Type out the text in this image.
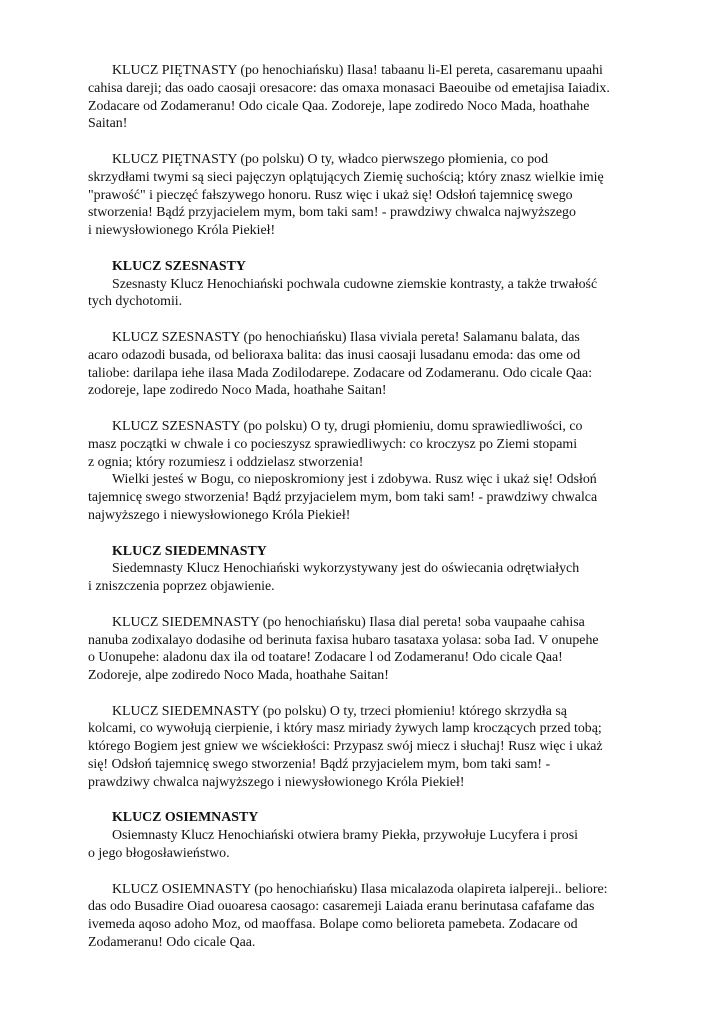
KLUCZ PIĘTNASTY (po henochiańsku) Ilasa! tabaanu li-El pereta, casaremanu upaahi
cahisa dareji; das oado caosaji oresacore: das omaxa monasaci Baeouibe od emetajisa Iaiadix.
Zodacare od Zodameranu! Odo cicale Qaa. Zodoreje, lape zodiredo Noco Mada, hoathahe
Saitan!
KLUCZ PIĘTNASTY (po polsku) O ty, władco pierwszego płomienia, co pod
skrzydłami twymi są sieci pajęczyn oplątujących Ziemię suchością; który znasz wielkie imię
"prawość" i pieczęć fałszywego honoru. Rusz więc i ukaż się! Odsłoń tajemnicę swego
stworzenia! Bądź przyjacielem mym, bom taki sam! - prawdziwy chwalca najwyższego
i niewysłowionego Króla Piekieł!
KLUCZ SZESNASTY
Szesnasty Klucz Henochiański pochwala cudowne ziemskie kontrasty, a także trwałość
tych dychotomii.
KLUCZ SZESNASTY (po henochiańsku) Ilasa viviala pereta! Salamanu balata, das
acaro odazodi busada, od belioraxa balita: das inusi caosaji lusadanu emoda: das ome od
taliobe: darilapa iehe ilasa Mada Zodilodarepe. Zodacare od Zodameranu. Odo cicale Qaa:
zodoreje, lape zodiredo Noco Mada, hoathahe Saitan!
KLUCZ SZESNASTY (po polsku) O ty, drugi płomieniu, domu sprawiedliwości, co
masz początki w chwale i co pocieszysz sprawiedliwych: co kroczysz po Ziemi stopami
z ognia; który rozumiesz i oddzielasz stworzenia!
Wielki jesteś w Bogu, co nieposkromiony jest i zdobywa. Rusz więc i ukaż się! Odsłoń
tajemnicę swego stworzenia! Bądź przyjacielem mym, bom taki sam! - prawdziwy chwalca
najwyższego i niewysłowionego Króla Piekieł!
KLUCZ SIEDEMNASTY
Siedemnasty Klucz Henochiański wykorzystywany jest do oświecania odrętwiałych
i zniszczenia poprzez objawienie.
KLUCZ SIEDEMNASTY (po henochiańsku) Ilasa dial pereta! soba vaupaahe cahisa
nanuba zodixalayo dodasihe od berinuta faxisa hubaro tasataxa yolasa: soba Iad. V onupehe
o Uonupehe: aladonu dax ila od toatare! Zodacare l od Zodameranu! Odo cicale Qaa!
Zodoreje, alpe zodiredo Noco Mada, hoathahe Saitan!
KLUCZ SIEDEMNASTY (po polsku) O ty, trzeci płomieniu! którego skrzydła są
kolcami, co wywołują cierpienie, i który masz miriady żywych lamp kroczących przed tobą;
którego Bogiem jest gniew we wściekłości: Przypasz swój miecz i słuchaj! Rusz więc i ukaż
się! Odsłoń tajemnicę swego stworzenia! Bądź przyjacielem mym, bom taki sam! -
prawdziwy chwalca najwyższego i niewysłowionego Króla Piekieł!
KLUCZ OSIEMNASTY
Osiemnasty Klucz Henochiański otwiera bramy Piekła, przywołuje Lucyfera i prosi
o jego błogosławieństwo.
KLUCZ OSIEMNASTY (po henochiańsku) Ilasa micalazoda olapireta ialpereji.. beliore:
das odo Busadire Oiad ouoaresa caosago: casaremeji Laiada eranu berinutasa cafafame das
ivemeda aqoso adoho Moz, od maoffasa. Bolape como belioreta pamebeta. Zodacare od
Zodameranu! Odo cicale Qaa.
